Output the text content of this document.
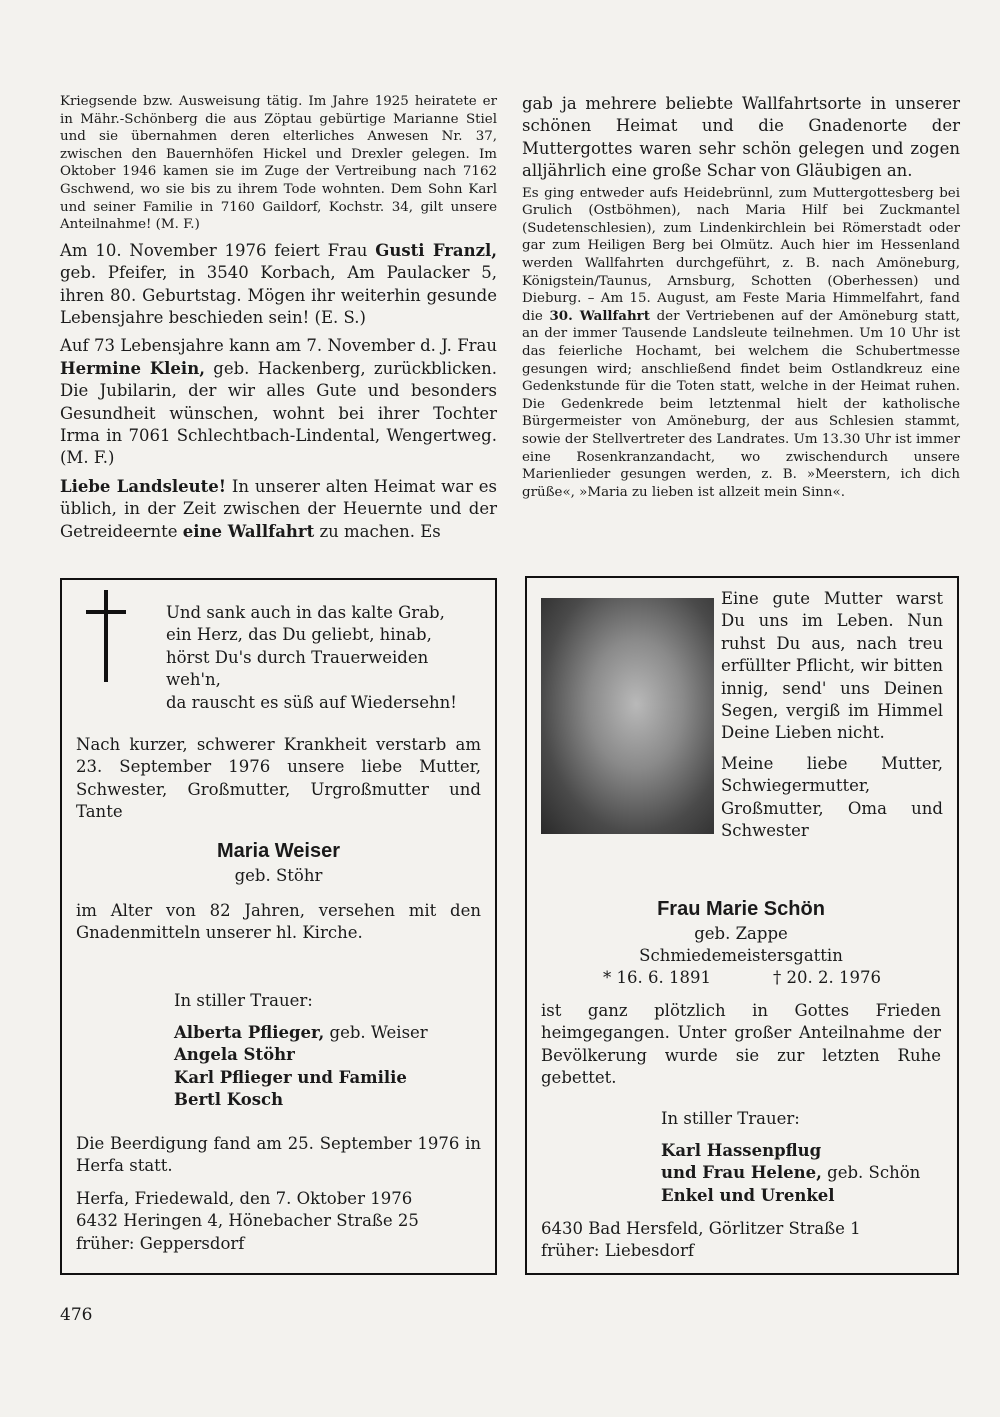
Kriegsende bzw. Ausweisung tätig. Im Jahre 1925 heiratete er in Mähr.-Schönberg die aus Zöptau gebürtige Marianne Stiel und sie übernahmen deren elterliches Anwesen Nr. 37, zwischen den Bauernhöfen Hickel und Drexler gelegen. Im Oktober 1946 kamen sie im Zuge der Vertreibung nach 7162 Gschwend, wo sie bis zu ihrem Tode wohnten. Dem Sohn Karl und seiner Familie in 7160 Gaildorf, Kochstr. 34, gilt unsere Anteilnahme! (M. F.)

Am 10. November 1976 feiert Frau Gusti Franzl, geb. Pfeifer, in 3540 Korbach, Am Paulacker 5, ihren 80. Geburtstag. Mögen ihr weiterhin gesunde Lebensjahre beschieden sein! (E. S.)

Auf 73 Lebensjahre kann am 7. November d. J. Frau Hermine Klein, geb. Hackenberg, zurückblicken. Die Jubilarin, der wir alles Gute und besonders Gesundheit wünschen, wohnt bei ihrer Tochter Irma in 7061 Schlechtbach-Lindental, Wengertweg. (M. F.)

Liebe Landsleute! In unserer alten Heimat war es üblich, in der Zeit zwischen der Heuernte und der Getreideernte eine Wallfahrt zu machen. Es

gab ja mehrere beliebte Wallfahrtsorte in unserer schönen Heimat und die Gnadenorte der Muttergottes waren sehr schön gelegen und zogen alljährlich eine große Schar von Gläubigen an.

Es ging entweder aufs Heidebrünnl, zum Muttergottesberg bei Grulich (Ostböhmen), nach Maria Hilf bei Zuckmantel (Sudetenschlesien), zum Lindenkirchlein bei Römerstadt oder gar zum Heiligen Berg bei Olmütz. Auch hier im Hessenland werden Wallfahrten durchgeführt, z. B. nach Amöneburg, Königstein/Taunus, Arnsburg, Schotten (Oberhessen) und Dieburg. – Am 15. August, am Feste Maria Himmelfahrt, fand die 30. Wallfahrt der Vertriebenen auf der Amöneburg statt, an der immer Tausende Landsleute teilnehmen. Um 10 Uhr ist das feierliche Hochamt, bei welchem die Schubertmesse gesungen wird; anschließend findet beim Ostlandkreuz eine Gedenkstunde für die Toten statt, welche in der Heimat ruhen. Die Gedenkrede beim letztenmal hielt der katholische Bürgermeister von Amöneburg, der aus Schlesien stammt, sowie der Stellvertreter des Landrates. Um 13.30 Uhr ist immer eine Rosenkranzandacht, wo zwischendurch unsere Marienlieder gesungen werden, z. B. »Meerstern, ich dich grüße«, »Maria zu lieben ist allzeit mein Sinn«.

Und sank auch in das kalte Grab,
ein Herz, das Du geliebt, hinab,
hörst Du's durch Trauerweiden
weh'n,
da rauscht es süß auf Wiedersehn!

Nach kurzer, schwerer Krankheit verstarb am 23. September 1976 unsere liebe Mutter, Schwester, Großmutter, Urgroßmutter und Tante

Maria Weiser
geb. Stöhr

im Alter von 82 Jahren, versehen mit den Gnadenmitteln unserer hl. Kirche.

In stiller Trauer:
Alberta Pflieger, geb. Weiser
Angela Stöhr
Karl Pflieger und Familie
Bertl Kosch

Die Beerdigung fand am 25. September 1976 in Herfa statt.

Herfa, Friedewald, den 7. Oktober 1976
6432 Heringen 4, Hönebacher Straße 25
früher: Geppersdorf

Eine gute Mutter warst Du uns im Leben. Nun ruhst Du aus, nach treu erfüllter Pflicht, wir bitten innig, send' uns Deinen Segen, vergiß im Himmel Deine Lieben nicht.

Meine liebe Mutter, Schwiegermutter, Großmutter, Oma und Schwester

Frau Marie Schön
geb. Zappe
Schmiedemeistersgattin
* 16. 6. 1891	† 20. 2. 1976

ist ganz plötzlich in Gottes Frieden heimgegangen. Unter großer Anteilnahme der Bevölkerung wurde sie zur letzten Ruhe gebettet.

In stiller Trauer:
Karl Hassenpflug
und Frau Helene, geb. Schön
Enkel und Urenkel
6430 Bad Hersfeld, Görlitzer Straße 1
früher: Liebesdorf
476
